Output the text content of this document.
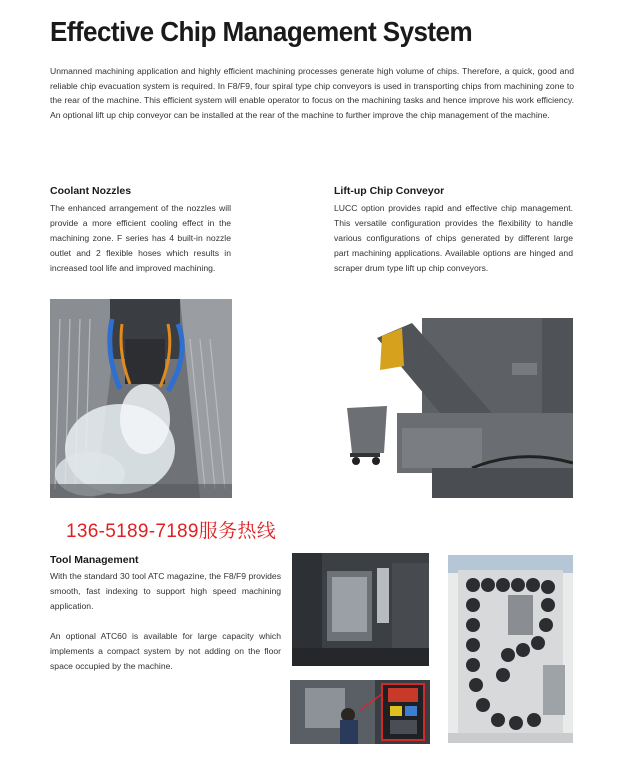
Effective Chip Management System

Unmanned machining application and highly efficient machining processes generate high volume of chips. Therefore, a quick, good and reliable chip evacuation system is required. In F8/F9, four spiral type chip conveyors is used in transporting chips from machining zone to the rear of the machine. This efficient system will enable operator to focus on the machining tasks and hence improve his work efficiency. An optional lift up chip conveyor can be installed at the rear of the machine to further improve the chip management of the machine.

Coolant Nozzles

The enhanced arrangement of the nozzles will provide a more efficient cooling effect in the machining zone. F series has 4 built-in nozzle outlet and 2 flexible hoses which results in increased tool life and improved machining.

Lift-up Chip Conveyor

LUCC option provides rapid and effective chip management. This versatile configuration provides the flexibility to handle various configurations of chips generated by different large part machining applications. Available options are hinged and scraper drum type lift up chip conveyors.

136-5189-7189服务热线
Tool Management

With the standard 30 tool ATC magazine, the F8/F9 provides smooth, fast indexing to support high speed machining application.

An optional ATC60 is available for large capacity which implements a compact system by not adding on the floor space occupied by the machine.
